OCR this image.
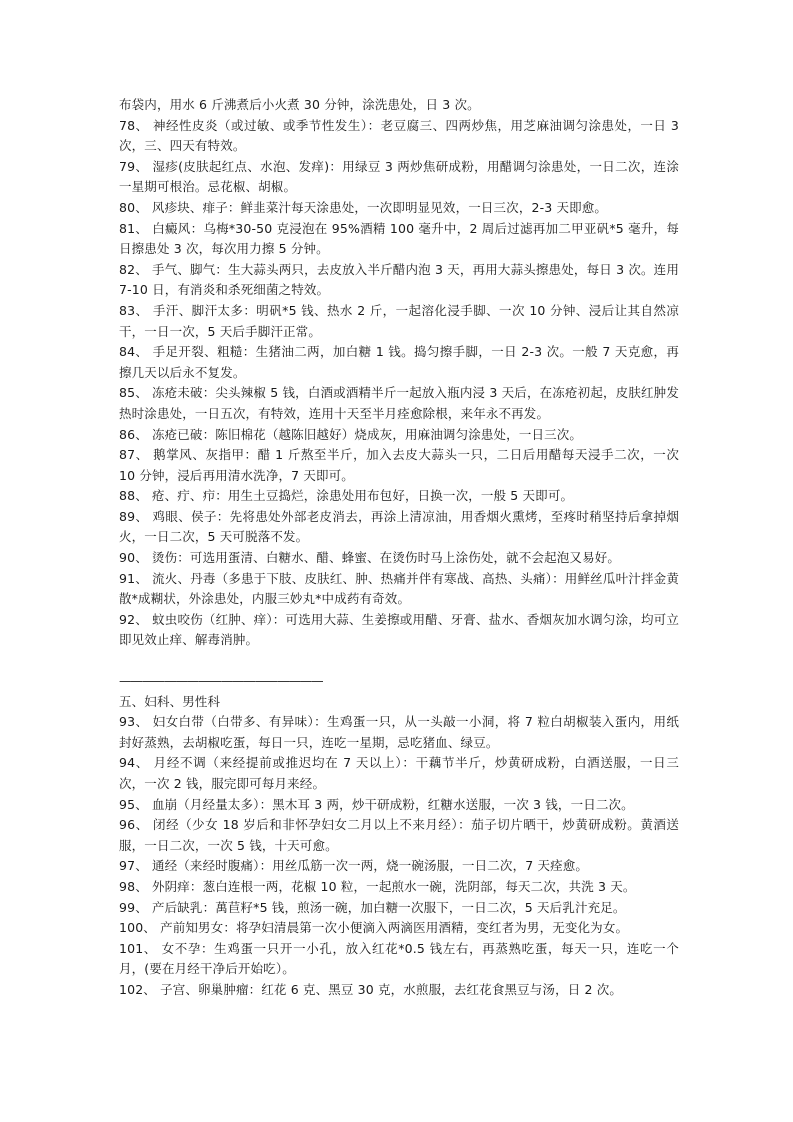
布袋内，用水 6 斤沸煮后小火煮 30 分钟，涂洗患处，日 3 次。

78、 神经性皮炎（或过敏、或季节性发生）：老豆腐三、四两炒焦，用芝麻油调匀涂患处，一日 3 次，三、四天有特效。

79、 湿疹(皮肤起红点、水泡、发痒)：用绿豆 3 两炒焦研成粉，用醋调匀涂患处，一日二次，连涂一星期可根治。忌花椒、胡椒。

80、 风疹块、痱子：鲜韭菜汁每天涂患处，一次即明显见效，一日三次，2-3 天即愈。

81、 白癜风：乌梅*30-50 克浸泡在 95%酒精 100 毫升中，2 周后过滤再加二甲亚矾*5 毫升，每日擦患处 3 次，每次用力擦 5 分钟。

82、 手气、脚气：生大蒜头两只，去皮放入半斤醋内泡 3 天，再用大蒜头擦患处，每日 3 次。连用 7-10 日，有消炎和杀死细菌之特效。

83、 手汗、脚汗太多：明矾*5 钱、热水 2 斤，一起溶化浸手脚、一次 10 分钟、浸后让其自然凉干，一日一次，5 天后手脚汗正常。

84、 手足开裂、粗糙：生猪油二两，加白糖 1 钱。捣匀擦手脚，一日 2-3 次。一般 7 天克愈，再擦几天以后永不复发。

85、 冻疮未破：尖头辣椒 5 钱，白酒或酒精半斤一起放入瓶内浸 3 天后，在冻疮初起，皮肤红肿发热时涂患处，一日五次，有特效，连用十天至半月痊愈除根，来年永不再发。

86、 冻疮已破：陈旧棉花（越陈旧越好）烧成灰，用麻油调匀涂患处，一日三次。

87、 鹅掌风、灰指甲：醋 1 斤熬至半斤，加入去皮大蒜头一只，二日后用醋每天浸手二次，一次 10 分钟，浸后再用清水洗净，7 天即可。

88、 疮、疔、疖：用生土豆捣烂，涂患处用布包好，日换一次，一般 5 天即可。

89、 鸡眼、侯子：先将患处外部老皮消去，再涂上清凉油，用香烟火熏烤，至疼时稍坚持后拿掉烟火，一日二次，5 天可脱落不发。

90、 烫伤：可选用蛋清、白糖水、醋、蜂蜜、在烫伤时马上涂伤处，就不会起泡又易好。

91、 流火、丹毒（多患于下肢、皮肤红、肿、热痛并伴有寒战、高热、头痛）：用鲜丝瓜叶汁拌金黄散*成糊状，外涂患处，内服三妙丸*中成药有奇效。

92、 蚊虫咬伤（红肿、痒）：可选用大蒜、生姜擦或用醋、牙膏、盐水、香烟灰加水调匀涂，均可立即见效止痒、解毒消肿。

——————————————————

五、妇科、男性科

93、 妇女白带（白带多、有异味）：生鸡蛋一只，从一头敲一小洞，将 7 粒白胡椒装入蛋内，用纸封好蒸熟，去胡椒吃蛋，每日一只，连吃一星期，忌吃猪血、绿豆。

94、 月经不调（来经提前或推迟均在 7 天以上）：干藕节半斤，炒黄研成粉，白酒送服，一日三次，一次 2 钱，服完即可每月来经。

95、 血崩（月经量太多）：黑木耳 3 两，炒干研成粉，红糖水送服，一次 3 钱，一日二次。

96、 闭经（少女 18 岁后和非怀孕妇女二月以上不来月经）：茄子切片晒干，炒黄研成粉。黄酒送服，一日二次，一次 5 钱，十天可愈。

97、 通经（来经时腹痛）：用丝瓜筋一次一两，烧一碗汤服，一日二次，7 天痊愈。

98、 外阴痒：葱白连根一两，花椒 10 粒，一起煎水一碗，洗阴部，每天二次，共洗 3 天。

99、 产后缺乳：萬苣籽*5 钱，煎汤一碗，加白糖一次服下，一日二次，5 天后乳汁充足。

100、 产前知男女：将孕妇清晨第一次小便滴入两滴医用酒精，变红者为男，无变化为女。

101、 女不孕：生鸡蛋一只开一小孔，放入红花*0.5 钱左右，再蒸熟吃蛋，每天一只，连吃一个月，(要在月经干净后开始吃）。

102、 子宫、卵巢肿瘤：红花 6 克、黑豆 30 克，水煎服，去红花食黑豆与汤，日 2 次。
